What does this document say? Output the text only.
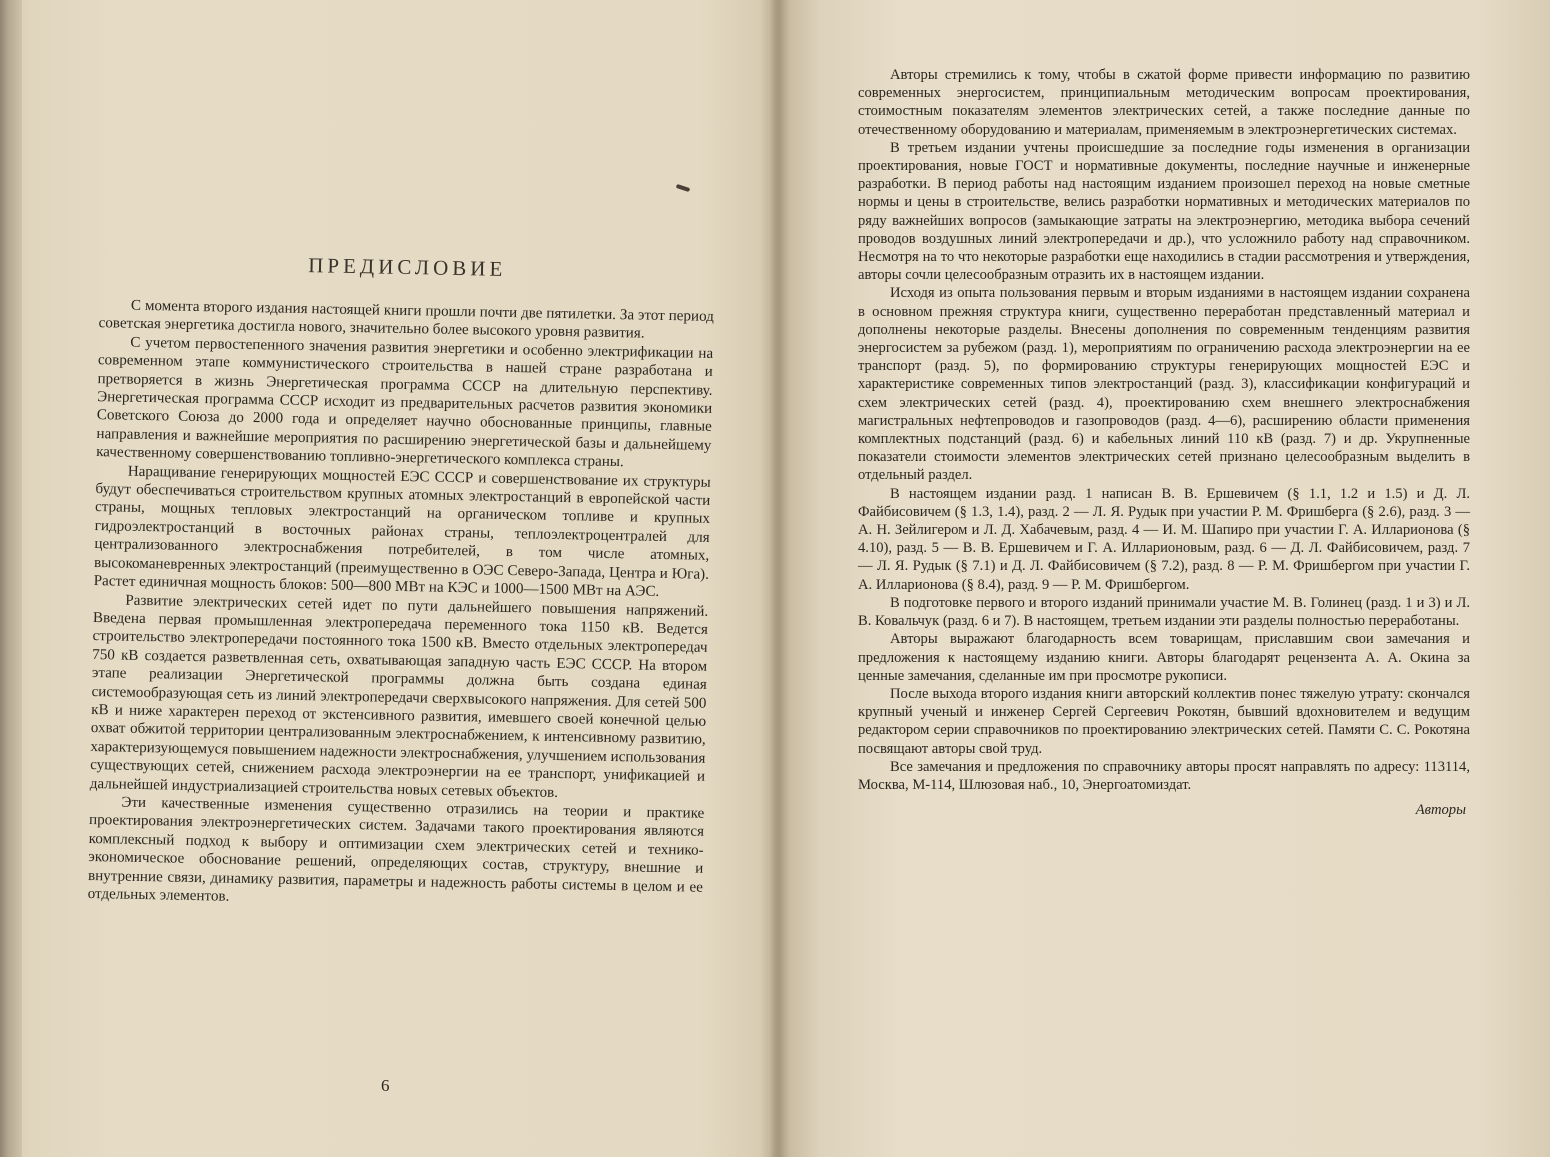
ПРЕДИСЛОВИЕ

С момента второго издания настоящей книги прошли почти две пятилетки. За этот период советская энергетика достигла нового, значительно более высокого уровня развития.

С учетом первостепенного значения развития энергетики и особенно электрификации на современном этапе коммунистического строительства в нашей стране разработана и претворяется в жизнь Энергетическая программа СССР на длительную перспективу. Энергетическая программа СССР исходит из предварительных расчетов развития экономики Советского Союза до 2000 года и определяет научно обоснованные принципы, главные направления и важнейшие мероприятия по расширению энергетической базы и дальнейшему качественному совершенствованию топливно-энергетического комплекса страны.

Наращивание генерирующих мощностей ЕЭС СССР и совершенствование их структуры будут обеспечиваться строительством крупных атомных электростанций в европейской части страны, мощных тепловых электростанций на органическом топливе и крупных гидроэлектростанций в восточных районах страны, теплоэлектроцентралей для централизованного электроснабжения потребителей, в том числе атомных, высокоманевренных электростанций (преимущественно в ОЭС Северо-Запада, Центра и Юга). Растет единичная мощность блоков: 500—800 МВт на КЭС и 1000—1500 МВт на АЭС.

Развитие электрических сетей идет по пути дальнейшего повышения напряжений. Введена первая промышленная электропередача переменного тока 1150 кВ. Ведется строительство электропередачи постоянного тока 1500 кВ. Вместо отдельных электропередач 750 кВ создается разветвленная сеть, охватывающая западную часть ЕЭС СССР. На втором этапе реализации Энергетической программы должна быть создана единая системообразующая сеть из линий электропередачи сверхвысокого напряжения. Для сетей 500 кВ и ниже характерен переход от экстенсивного развития, имевшего своей конечной целью охват обжитой территории централизованным электроснабжением, к интенсивному развитию, характеризующемуся повышением надежности электроснабжения, улучшением использования существующих сетей, снижением расхода электроэнергии на ее транспорт, унификацией и дальнейшей индустриализацией строительства новых сетевых объектов.

Эти качественные изменения существенно отразились на теории и практике проектирования электроэнергетических систем. Задачами такого проектирования являются комплексный подход к выбору и оптимизации схем электрических сетей и технико-экономическое обоснование решений, определяющих состав, структуру, внешние и внутренние связи, динамику развития, параметры и надежность работы системы в целом и ее отдельных элементов.

6

Авторы стремились к тому, чтобы в сжатой форме привести информацию по развитию современных энергосистем, принципиальным методическим вопросам проектирования, стоимостным показателям элементов электрических сетей, а также последние данные по отечественному оборудованию и материалам, применяемым в электроэнергетических системах.

В третьем издании учтены происшедшие за последние годы изменения в организации проектирования, новые ГОСТ и нормативные документы, последние научные и инженерные разработки. В период работы над настоящим изданием произошел переход на новые сметные нормы и цены в строительстве, велись разработки нормативных и методических материалов по ряду важнейших вопросов (замыкающие затраты на электроэнергию, методика выбора сечений проводов воздушных линий электропередачи и др.), что усложнило работу над справочником. Несмотря на то что некоторые разработки еще находились в стадии рассмотрения и утверждения, авторы сочли целесообразным отразить их в настоящем издании.

Исходя из опыта пользования первым и вторым изданиями в настоящем издании сохранена в основном прежняя структура книги, существенно переработан представленный материал и дополнены некоторые разделы. Внесены дополнения по современным тенденциям развития энергосистем за рубежом (разд. 1), мероприятиям по ограничению расхода электроэнергии на ее транспорт (разд. 5), по формированию структуры генерирующих мощностей ЕЭС и характеристике современных типов электростанций (разд. 3), классификации конфигураций и схем электрических сетей (разд. 4), проектированию схем внешнего электроснабжения магистральных нефтепроводов и газопроводов (разд. 4—6), расширению области применения комплектных подстанций (разд. 6) и кабельных линий 110 кВ (разд. 7) и др. Укрупненные показатели стоимости элементов электрических сетей признано целесообразным выделить в отдельный раздел.

В настоящем издании разд. 1 написан В. В. Ершевичем (§ 1.1, 1.2 и 1.5) и Д. Л. Файбисовичем (§ 1.3, 1.4), разд. 2 — Л. Я. Рудык при участии Р. М. Фришберга (§ 2.6), разд. 3 — А. Н. Зейлигером и Л. Д. Хабачевым, разд. 4 — И. М. Шапиро при участии Г. А. Илларионова (§ 4.10), разд. 5 — В. В. Ершевичем и Г. А. Илларионовым, разд. 6 — Д. Л. Файбисовичем, разд. 7 — Л. Я. Рудык (§ 7.1) и Д. Л. Файбисовичем (§ 7.2), разд. 8 — Р. М. Фришбергом при участии Г. А. Илларионова (§ 8.4), разд. 9 — Р. М. Фришбергом.

В подготовке первого и второго изданий принимали участие М. В. Голинец (разд. 1 и 3) и Л. В. Ковальчук (разд. 6 и 7). В настоящем, третьем издании эти разделы полностью переработаны.

Авторы выражают благодарность всем товарищам, приславшим свои замечания и предложения к настоящему изданию книги. Авторы благодарят рецензента А. А. Окина за ценные замечания, сделанные им при просмотре рукописи.

После выхода второго издания книги авторский коллектив понес тяжелую утрату: скончался крупный ученый и инженер Сергей Сергеевич Рокотян, бывший вдохновителем и ведущим редактором серии справочников по проектированию электрических сетей. Памяти С. С. Рокотяна посвящают авторы свой труд.

Все замечания и предложения по справочнику авторы просят направлять по адресу: 113114, Москва, М-114, Шлюзовая наб., 10, Энергоатомиздат.

Авторы
